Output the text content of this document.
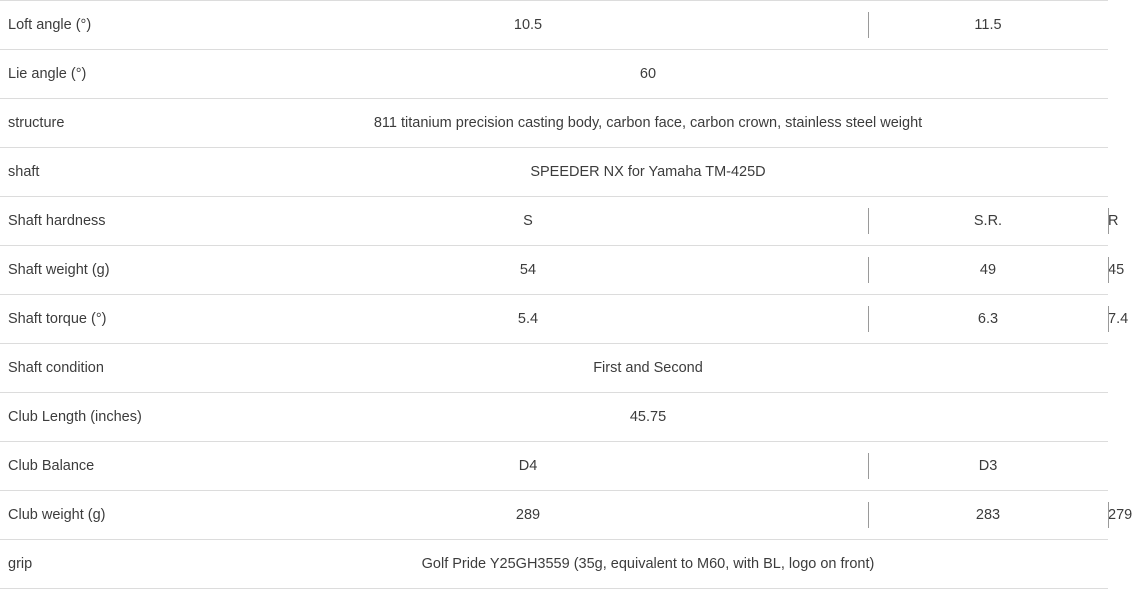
Loft angle (°)	10.5	11.5	
Lie angle (°)	60		
structure	811 titanium precision casting body, carbon face, carbon crown, stainless steel weight		
shaft	SPEEDER NX for Yamaha TM-425D		
Shaft hardness	S	S.R.	R
Shaft weight (g)	54	49	45
Shaft torque (°)	5.4	6.3	7.4
Shaft condition	First and Second		
Club Length (inches)	45.75		
Club Balance	D4	D3	
Club weight (g)	289	283	279
grip	Golf Pride Y25GH3559 (35g, equivalent to M60, with BL, logo on front)		
